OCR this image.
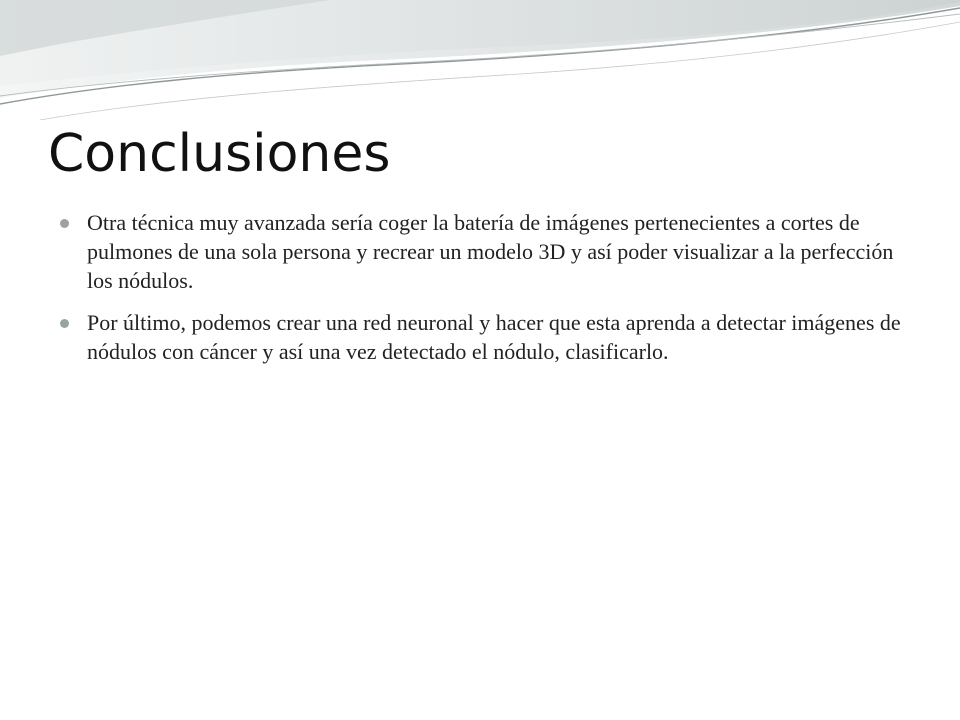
Conclusiones
Otra técnica muy avanzada sería coger la batería de imágenes pertenecientes a cortes de pulmones de una sola persona y recrear un modelo 3D y así poder visualizar a la perfección los nódulos.
Por último, podemos crear una red neuronal y hacer que esta aprenda a detectar imágenes de nódulos con cáncer y así una vez detectado el nódulo, clasificarlo.
